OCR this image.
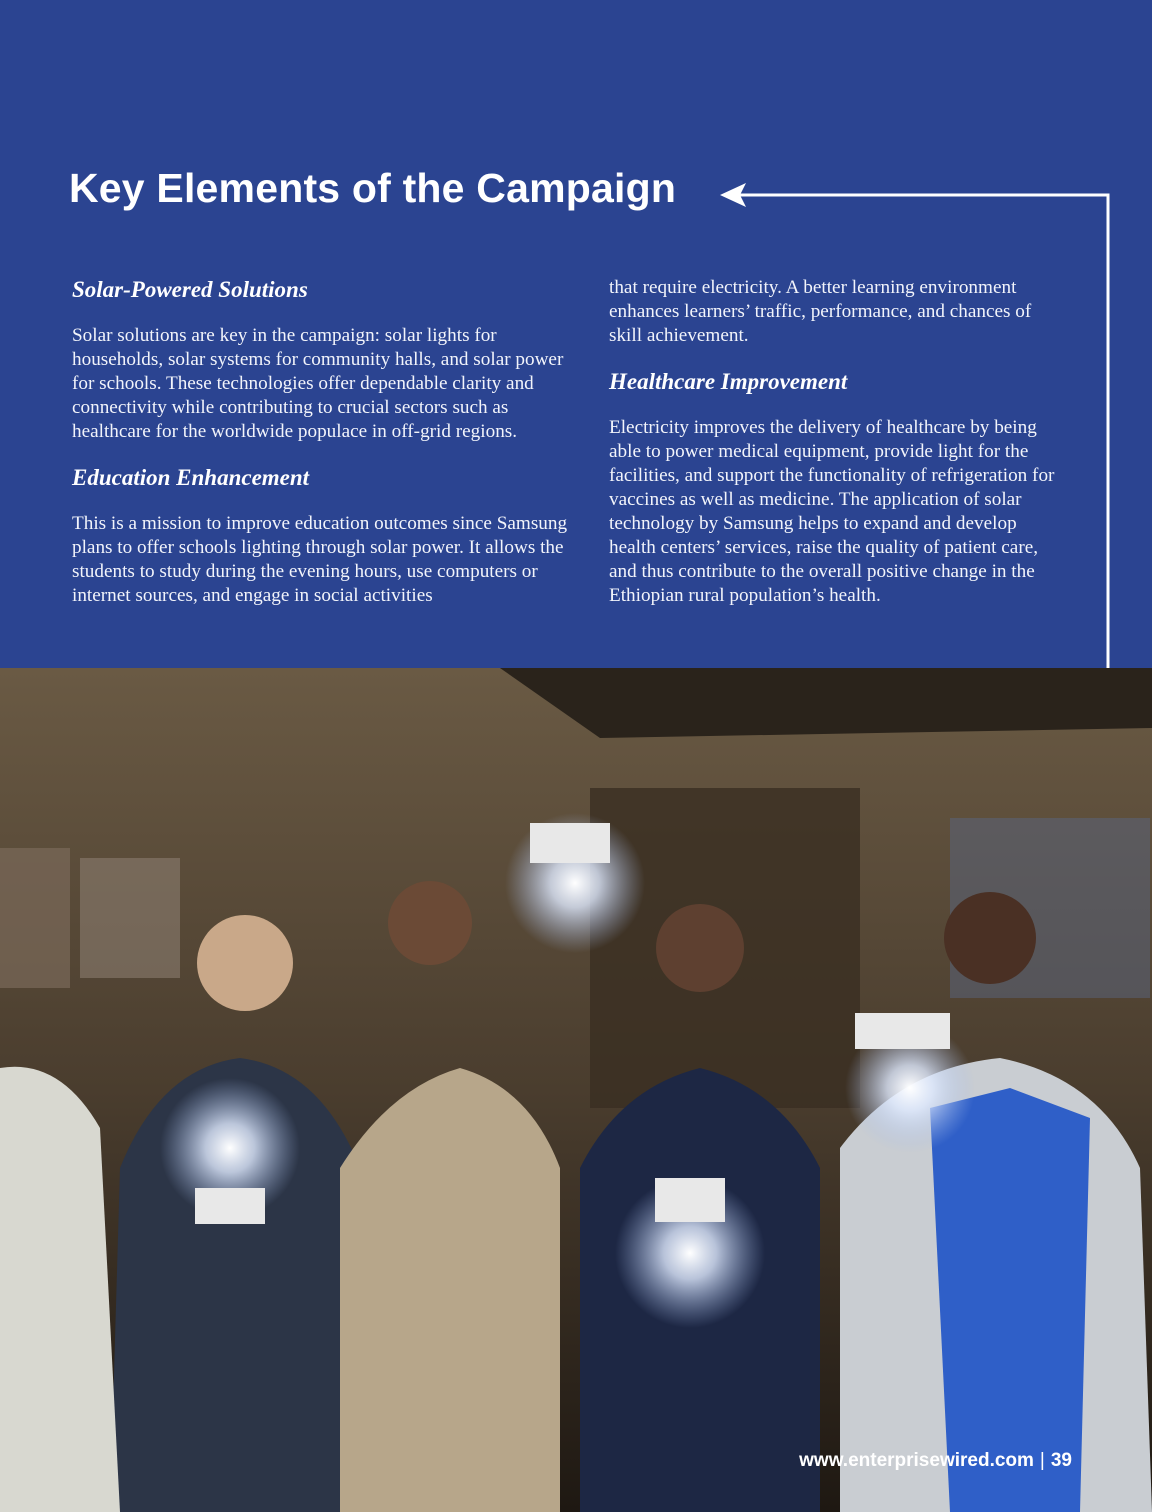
Key Elements of the Campaign
Solar-Powered Solutions

Solar solutions are key in the campaign: solar lights for households, solar systems for community halls, and solar power for schools. These technologies offer dependable clarity and connectivity while contributing to crucial sectors such as healthcare for the worldwide populace in off-grid regions.

Education Enhancement

This is a mission to improve education outcomes since Samsung plans to offer schools lighting through solar power. It allows the students to study during the evening hours, use computers or internet sources, and engage in social activities

that require electricity. A better learning environment enhances learners’ traffic, performance, and chances of skill achievement.

Healthcare Improvement

Electricity improves the delivery of healthcare by being able to power medical equipment, provide light for the facilities, and support the functionality of refrigeration for vaccines as well as medicine. The application of solar technology by Samsung helps to expand and develop health centers’ services, raise the quality of patient care, and thus contribute to the overall positive change in the Ethiopian rural population’s health.

www.enterprisewired.com | 39
